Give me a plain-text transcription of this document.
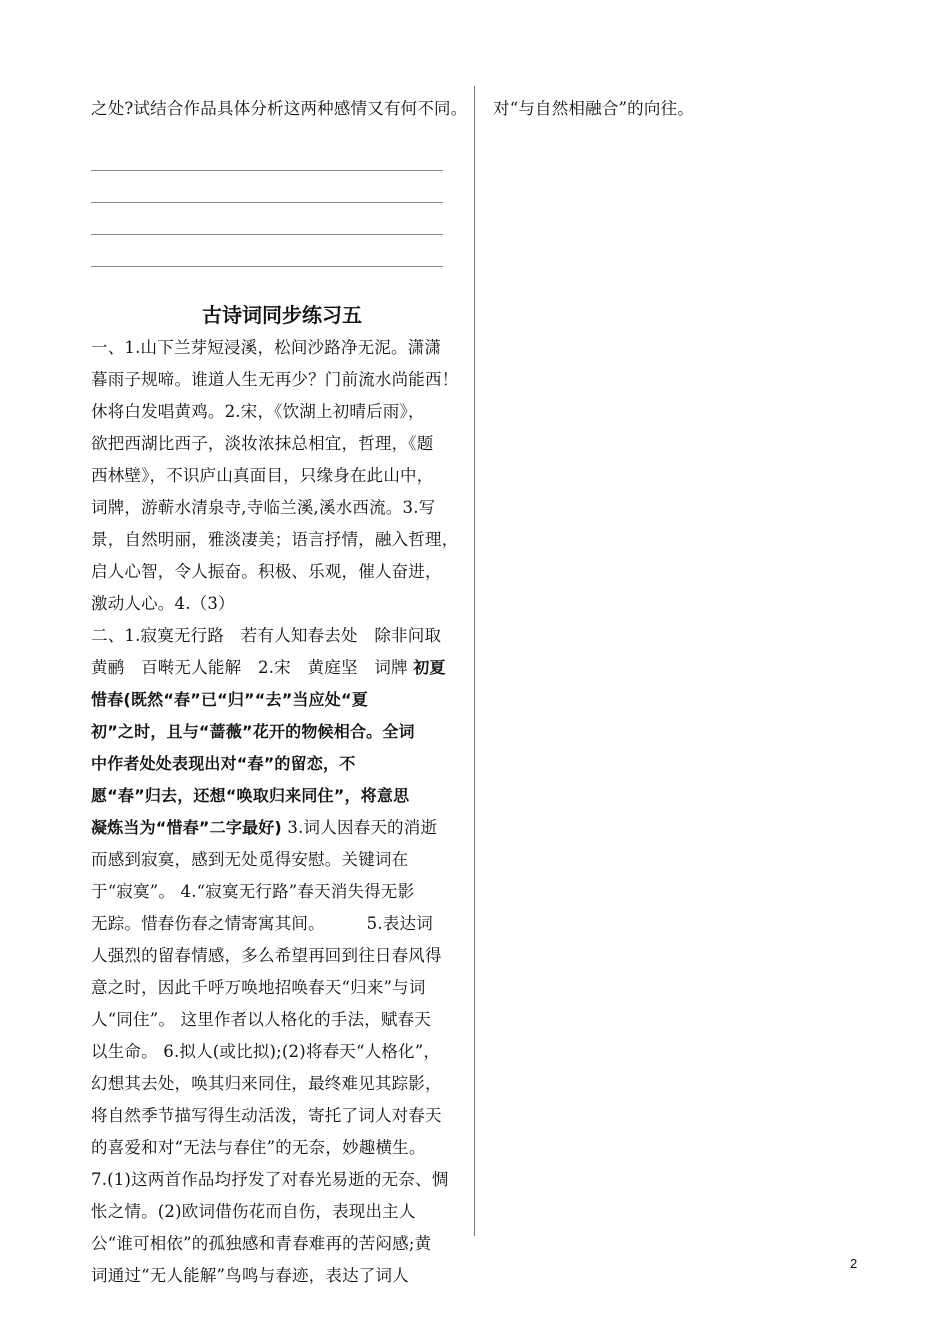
之处?试结合作品具体分析这两种感情又有何不同。
古诗词同步练习五
一、1.山下兰芽短浸溪，松间沙路净无泥。潇潇
暮雨子规啼。谁道人生无再少？门前流水尚能西！
休将白发唱黄鸡。2.宋，《饮湖上初晴后雨》，
欲把西湖比西子，淡妆浓抹总相宜，哲理，《题
西林壁》，不识庐山真面目，只缘身在此山中，
词牌，游蕲水清泉寺,寺临兰溪,溪水西流。3.写
景，自然明丽，雅淡凄美；语言抒情，融入哲理，
启人心智，令人振奋。积极、乐观，催人奋进，
激动人心。4.（3）
二、1.寂寞无行路　若有人知春去处　除非问取
黄鹂　百啭无人能解　2.宋　黄庭坚　词牌 初夏
惜春(既然“春”已“归”“去”当应处“夏
初”之时，且与“蔷薇”花开的物候相合。全词
中作者处处表现出对“春”的留恋，不
愿“春”归去，还想“唤取归来同住”，将意思
凝炼当为“惜春”二字最好) 3.词人因春天的消逝
而感到寂寞，感到无处觅得安慰。关键词在
于“寂寞”。 4.“寂寞无行路”春天消失得无影
无踪。惜春伤春之情寄寓其间。　　　5.表达词
人强烈的留春情感，多么希望再回到往日春风得
意之时，因此千呼万唤地招唤春天“归来”与词
人“同住”。 这里作者以人格化的手法，赋春天
以生命。 6.拟人(或比拟);(2)将春天“人格化”，
幻想其去处，唤其归来同住，最终难见其踪影，
将自然季节描写得生动活泼，寄托了词人对春天
的喜爱和对“无法与春住”的无奈，妙趣横生。
7.(1)这两首作品均抒发了对春光易逝的无奈、惆
怅之情。(2)欧词借伤花而自伤，表现出主人
公“谁可相依”的孤独感和青春难再的苦闷感;黄
词通过“无人能解”鸟鸣与春迹，表达了词人
对“与自然相融合”的向往。
2
